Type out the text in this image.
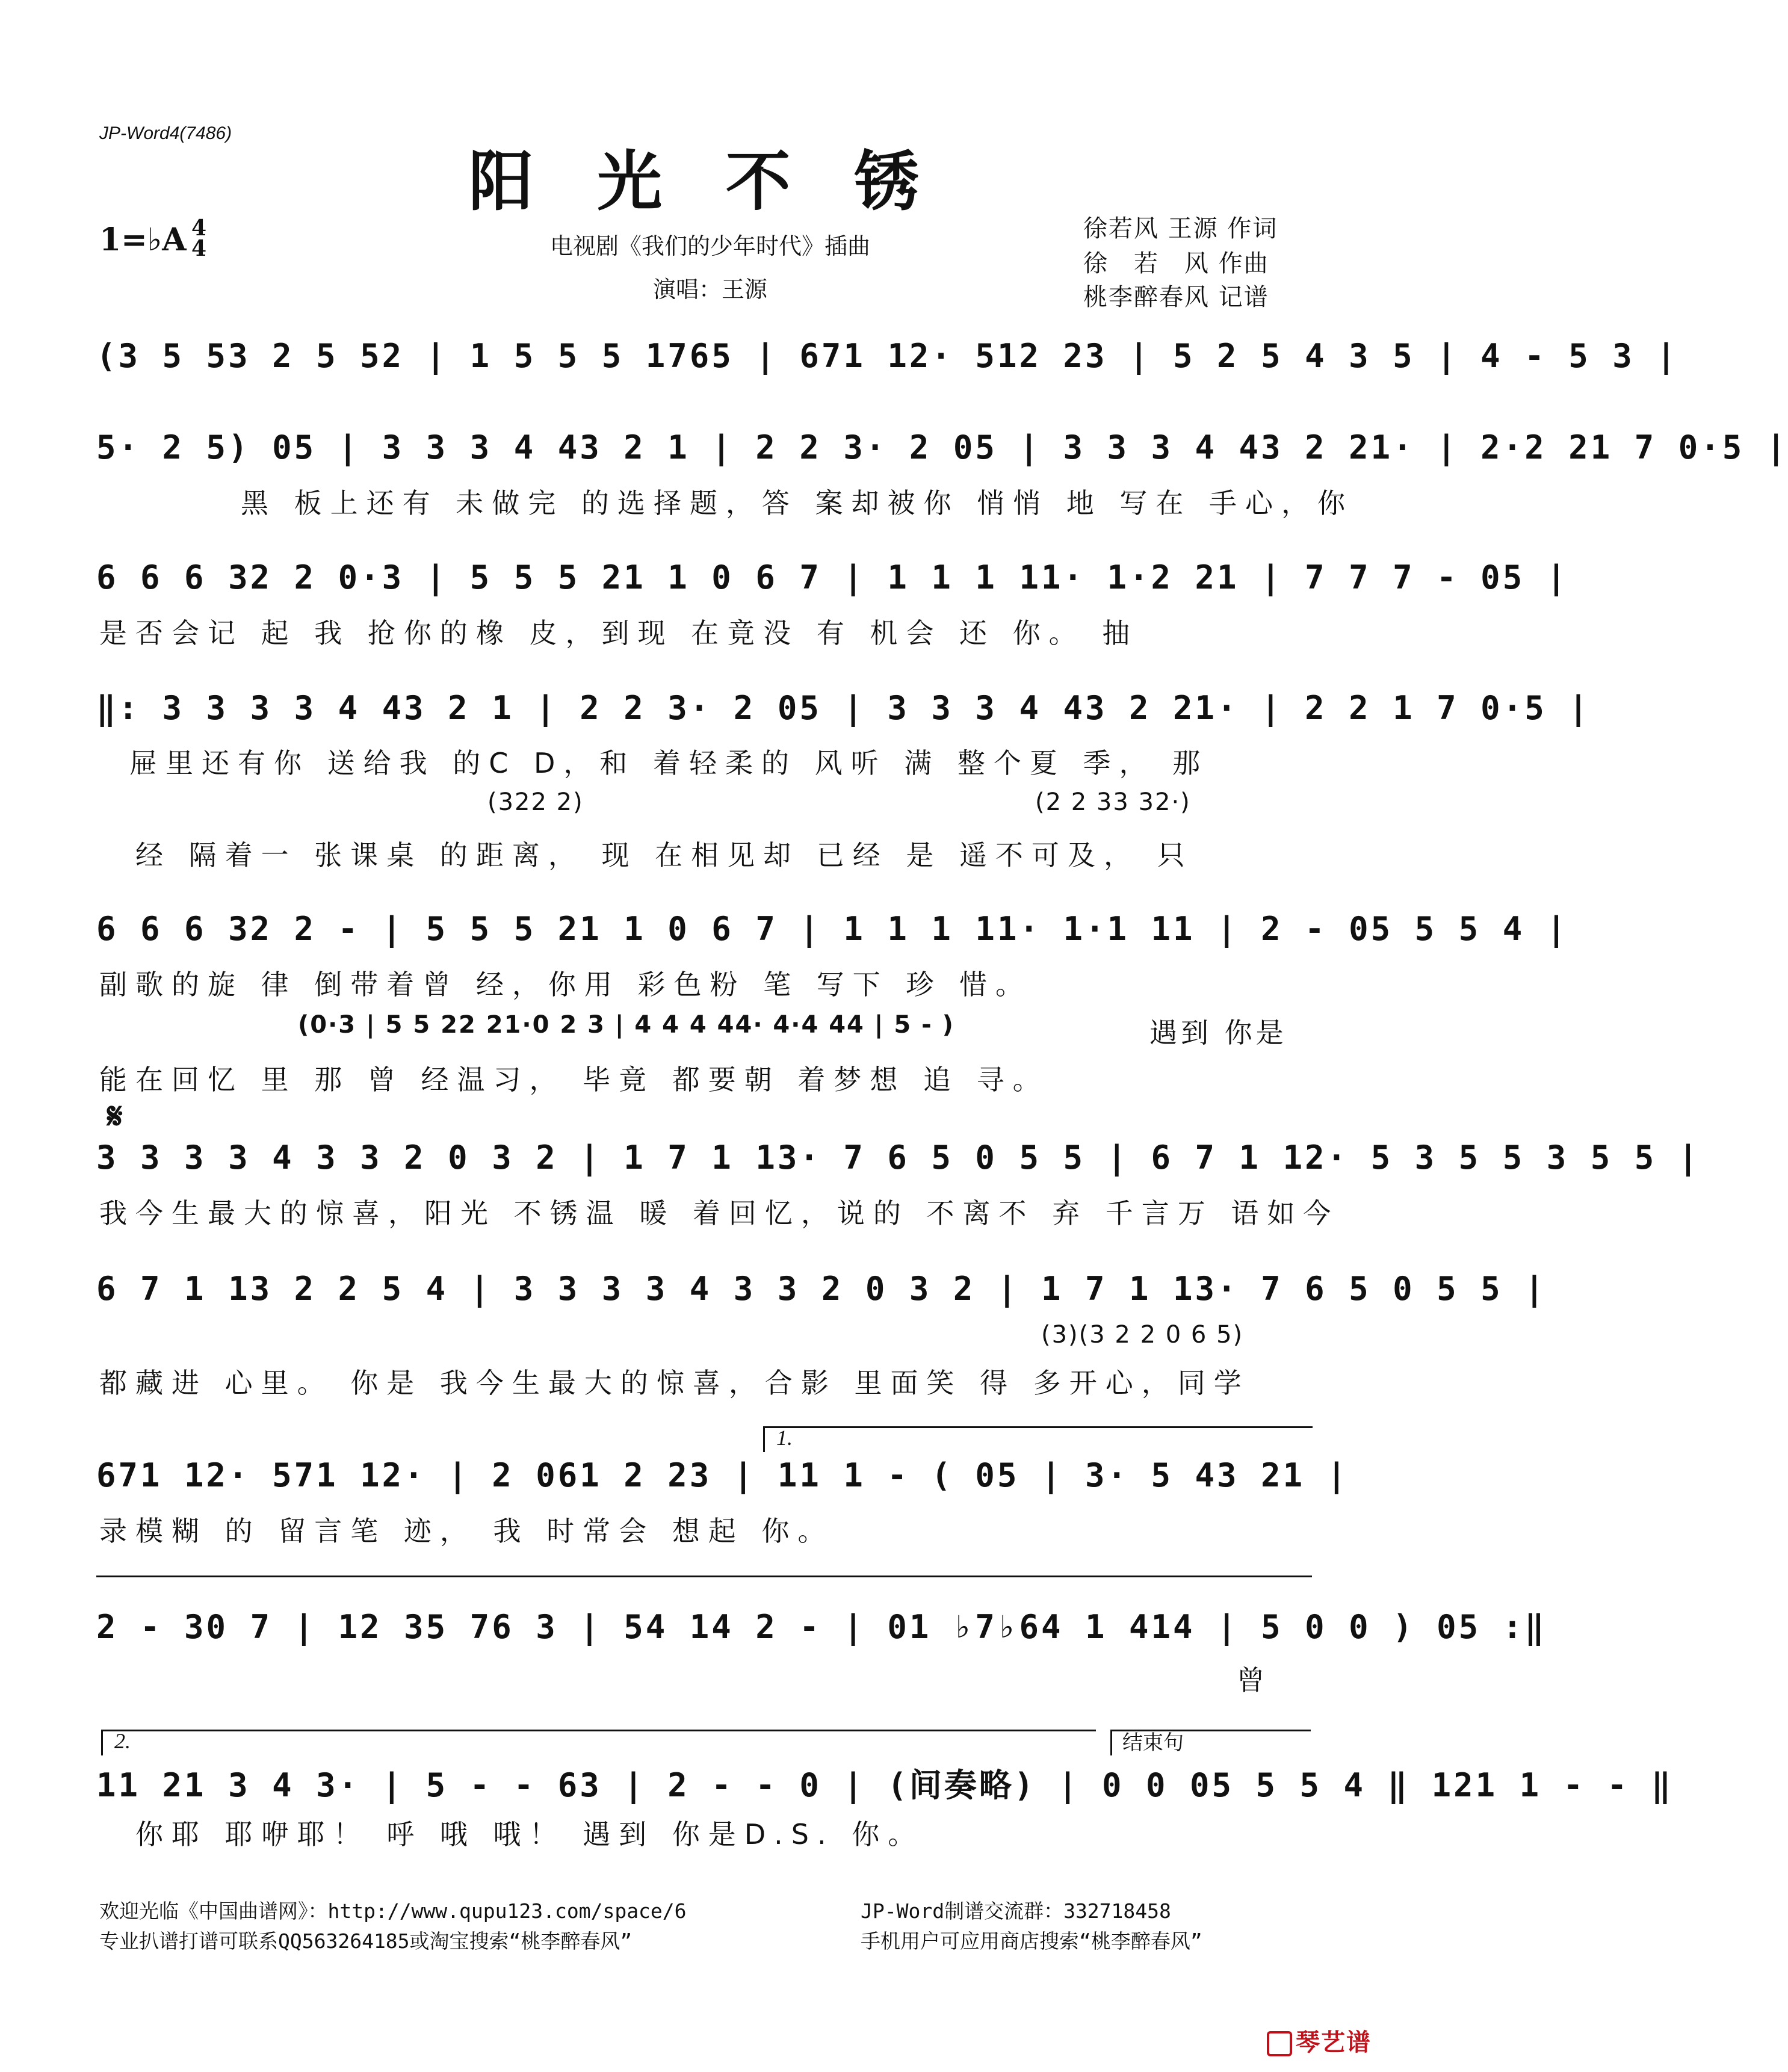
JP-Word4(7486)
阳 光 不 锈
1=♭A 4
4	电视剧《我们的少年时代》插曲
演唱：王源
徐若风 王源 作词
徐　若　风 作曲
桃李醉春风 记谱
(3 5 53 2 5 52 | 1 5 5 5 1765 | 671 12· 512 23 | 5 2 5 4 3 5 | 4 - 5 3 |
5· 2 5) 05 | 3 3 3 4 43 2 1 | 2 2 3· 2 05 | 3 3 3 4 43 2 21· | 2·2 21 7 0·5 |
黑 板上还有 未做完 的选择题，答 案却被你 悄悄 地 写在 手心，你
6 6 6 32 2 0·3 | 5 5 5 21 1 0 6 7 | 1 1 1 11· 1·2 21 | 7 7 7 - 05 |
是否会记 起 我 抢你的橡 皮，到现 在竟没 有 机会 还 你。 抽
‖: 3 3 3 3 4 43 2 1 | 2 2 3· 2 05 | 3 3 3 4 43 2 21· | 2 2 1 7 0·5 |
屉里还有你 送给我 的C D，和 着轻柔的 风听 满 整个夏 季， 那
(322 2)	(2 2 33 32·)
经 隔着一 张课桌 的距离， 现 在相见却 已经 是 遥不可及， 只
6 6 6 32 2 - | 5 5 5 21 1 0 6 7 | 1 1 1 11· 1·1 11 | 2 - 05 5 5 4 |
副歌的旋 律 倒带着曾 经，你用 彩色粉 笔 写下 珍 惜。
(0·3 | 5 5 22 21·0 2 3 | 4 4 4 44· 4·4 44 | 5 - )	遇到 你是
能在回忆 里 那 曾 经温习， 毕竟 都要朝 着梦想 追 寻。
𝄋
3 3 3 3 4 3 3 2 0 3 2 | 1 7 1 13· 7 6 5 0 5 5 | 6 7 1 12· 5 3 5 5 3 5 5 |
我今生最大的惊喜，阳光 不锈温 暖 着回忆，说的 不离不 弃 千言万 语如今
6 7 1 13 2 2 5 4 | 3 3 3 3 4 3 3 2 0 3 2 | 1 7 1 13· 7 6 5 0 5 5 |
(3)(3 2 2 0 6 5)
都藏进 心里。 你是 我今生最大的惊喜，合影 里面笑 得 多开心，同学
1.
671 12· 571 12· | 2 061 2 23 | 11 1 - ( 05 | 3· 5 43 21 |
录模糊 的 留言笔 迹， 我 时常会 想起 你。
2 - 30 7 | 12 35 76 3 | 54 14 2 - | 01 ♭7♭64 1 414 | 5 0 0 ) 05 :‖
曾
2.	结束句
11 21 3 4 3· | 5 - - 63 | 2 - - 0 | (间奏略) | 0 0 05 5 5 4 ‖ 121 1 - - ‖
你耶 耶咿耶！ 呼 哦 哦！ 遇到 你是D.S. 你。
欢迎光临《中国曲谱网》：http://www.qupu123.com/space/6
专业扒谱打谱可联系QQ563264185或淘宝搜索“桃李醉春风”
JP-Word制谱交流群：332718458
手机用户可应用商店搜索“桃李醉春风”
琴艺谱
